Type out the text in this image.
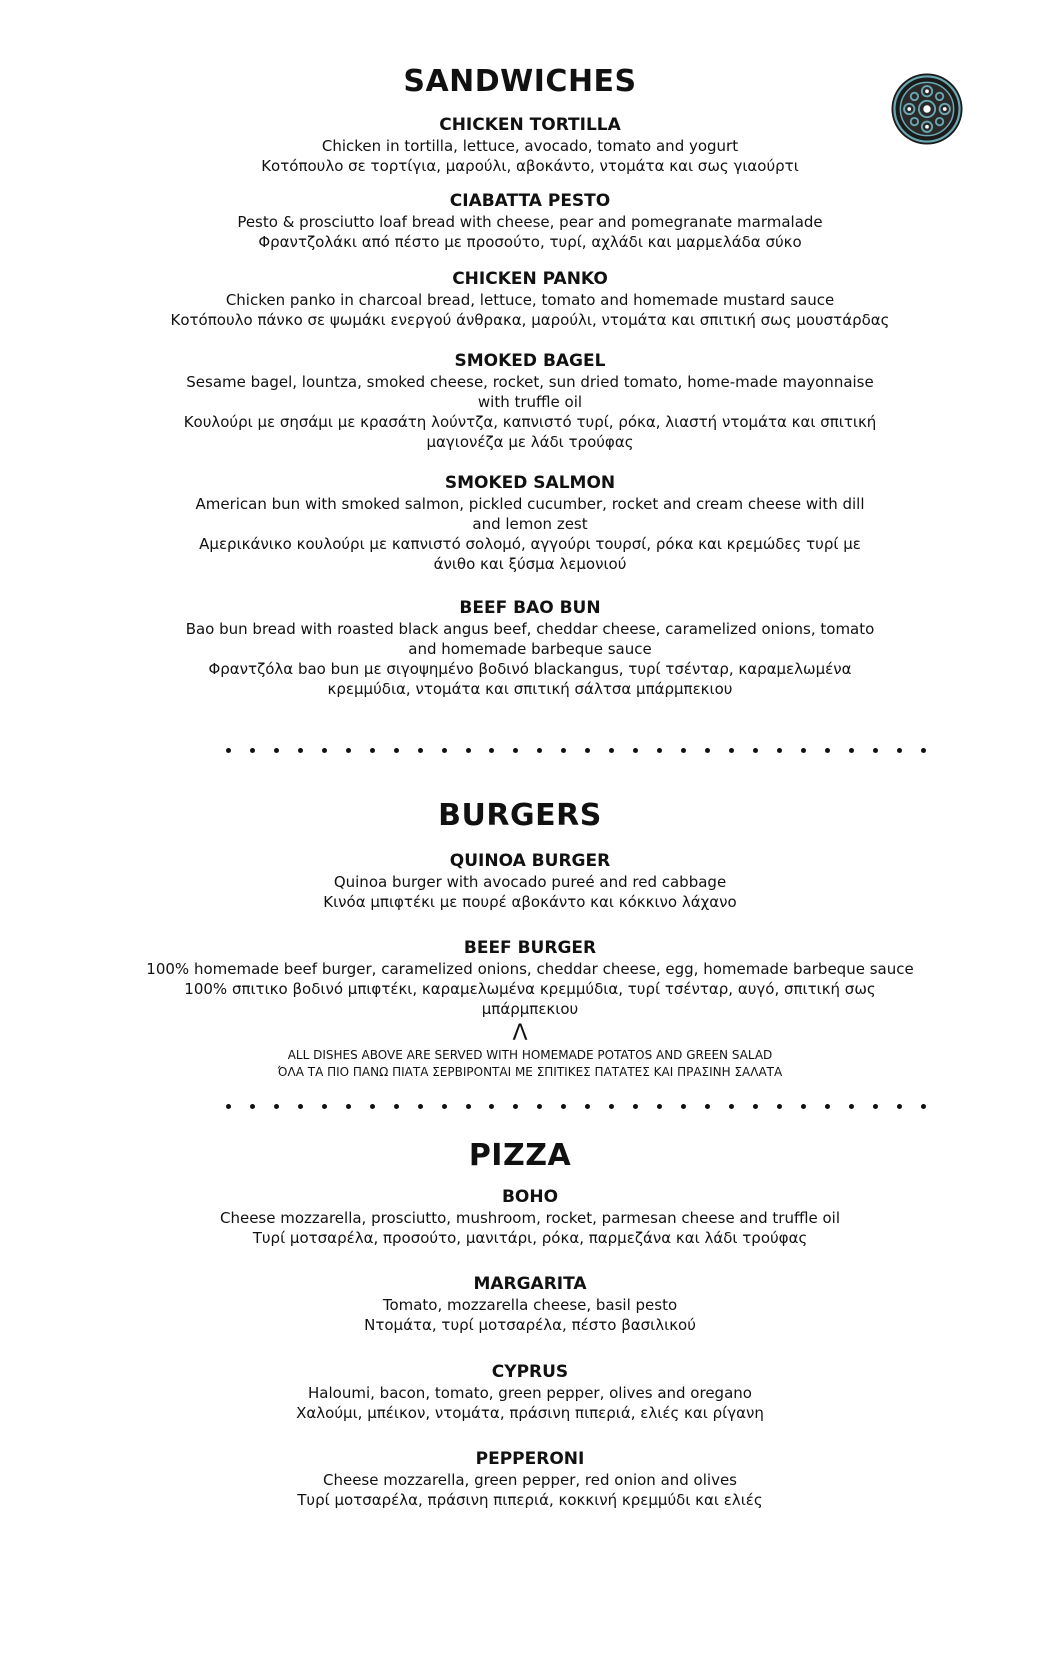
SANDWICHES

CHICKEN TORTILLA

Chicken in tortilla, lettuce, avocado, tomato and yogurt

Κοτόπουλο σε τορτίγια, μαρούλι, αβοκάντο, ντομάτα και σως γιαούρτι

CIABATTA PESTO

Pesto & prosciutto loaf bread with cheese, pear and pomegranate marmalade

Φραντζολάκι από πέστο με προσούτο, τυρί, αχλάδι και μαρμελάδα σύκο

CHICKEN PANKO

Chicken panko in charcoal bread, lettuce, tomato and homemade mustard sauce

Κοτόπουλο πάνκο σε ψωμάκι ενεργού άνθρακα, μαρούλι, ντομάτα και σπιτική σως μουστάρδας

SMOKED BAGEL

Sesame bagel, lountza, smoked cheese, rocket, sun dried tomato, home-made mayonnaise with truffle oil

Κουλούρι με σησάμι με κρασάτη λούντζα, καπνιστό τυρί, ρόκα, λιαστή ντομάτα και σπιτική μαγιονέζα με λάδι τρούφας

SMOKED SALMON

American bun with smoked salmon, pickled cucumber, rocket and cream cheese with dill and lemon zest

Αμερικάνικο κουλούρι με καπνιστό σολομό, αγγούρι τουρσί, ρόκα και κρεμώδες τυρί με άνιθο και ξύσμα λεμονιού

BEEF BAO BUN

Bao bun bread with roasted black angus beef, cheddar cheese, caramelized onions, tomato and homemade barbeque sauce

Φραντζόλα bao bun με σιγοψημένο βοδινό blackangus, τυρί τσένταρ, καραμελωμένα κρεμμύδια, ντομάτα και σπιτική σάλτσα μπάρμπεκιου

BURGERS

QUINOA BURGER

Quinoa burger with avocado pureé and red cabbage

Κινόα μπιφτέκι με πουρέ αβοκάντο και κόκκινο λάχανο

BEEF BURGER

100% homemade beef burger, caramelized onions, cheddar cheese, egg, homemade barbeque sauce

100% σπιτικο βοδινό μπιφτέκι, καραμελωμένα κρεμμύδια, τυρί τσένταρ, αυγό, σπιτική σως μπάρμπεκιου

Λ
ALL DISHES ABOVE ARE SERVED WITH HOMEMADE POTATOS AND GREEN SALAD
ΌΛΑ ΤΑ ΠΙΟ ΠΑΝΩ ΠΙΑΤΑ ΣΕΡΒΙΡΟΝΤΑΙ ΜΕ ΣΠΙΤΙΚΕΣ ΠΑΤΑΤΕΣ ΚΑΙ ΠΡΑΣΙΝΗ ΣΑΛΑΤΑ
PIZZA

BOHO

Cheese mozzarella, prosciutto, mushroom, rocket, parmesan cheese and truffle oil

Τυρί μοτσαρέλα, προσούτο, μανιτάρι, ρόκα, παρμεζάνα και λάδι τρούφας

MARGARITA

Tomato, mozzarella cheese, basil pesto

Ντομάτα, τυρί μοτσαρέλα, πέστο βασιλικού

CYPRUS

Haloumi, bacon, tomato, green pepper, olives and oregano

Χαλούμι, μπέικον, ντομάτα, πράσινη πιπεριά, ελιές και ρίγανη

PEPPERONI

Cheese mozzarella, green pepper, red onion and olives

Τυρί μοτσαρέλα, πράσινη πιπεριά, κοκκινή κρεμμύδι και ελιές
